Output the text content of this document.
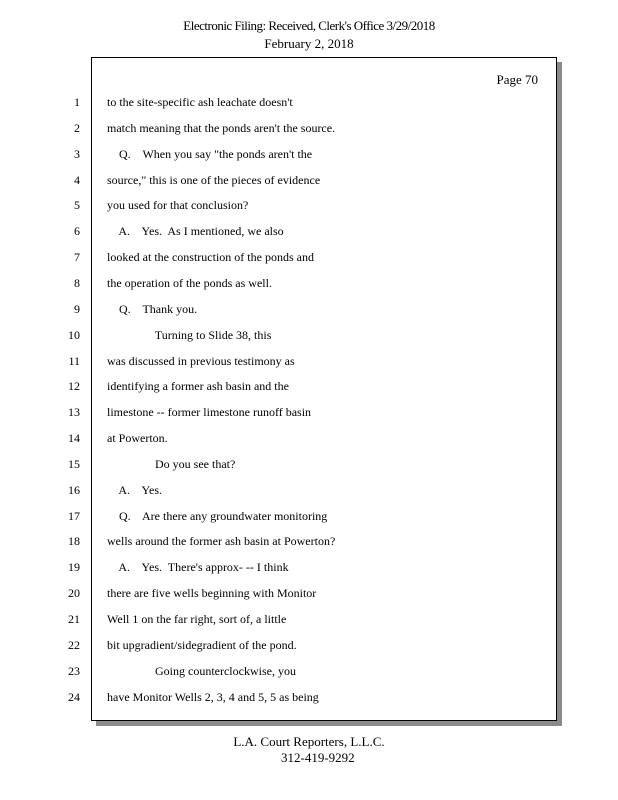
Electronic Filing: Received, Clerk's Office 3/29/2018
February 2, 2018
Page 70
1 to the site-specific ash leachate doesn't
2 match meaning that the ponds aren't the source.
3 Q.    When you say "the ponds aren't the
4 source," this is one of the pieces of evidence
5 you used for that conclusion?
6 A.    Yes.  As I mentioned, we also
7 looked at the construction of the ponds and
8 the operation of the ponds as well.
9 Q.    Thank you.
10 Turning to Slide 38, this
11 was discussed in previous testimony as
12 identifying a former ash basin and the
13 limestone -- former limestone runoff basin
14 at Powerton.
15 Do you see that?
16 A.    Yes.
17 Q.    Are there any groundwater monitoring
18 wells around the former ash basin at Powerton?
19 A.    Yes.  There's approx- -- I think
20 there are five wells beginning with Monitor
21 Well 1 on the far right, sort of, a little
22 bit upgradient/sidegradient of the pond.
23 Going counterclockwise, you
24 have Monitor Wells 2, 3, 4 and 5, 5 as being
L.A. Court Reporters, L.L.C.
312-419-9292
